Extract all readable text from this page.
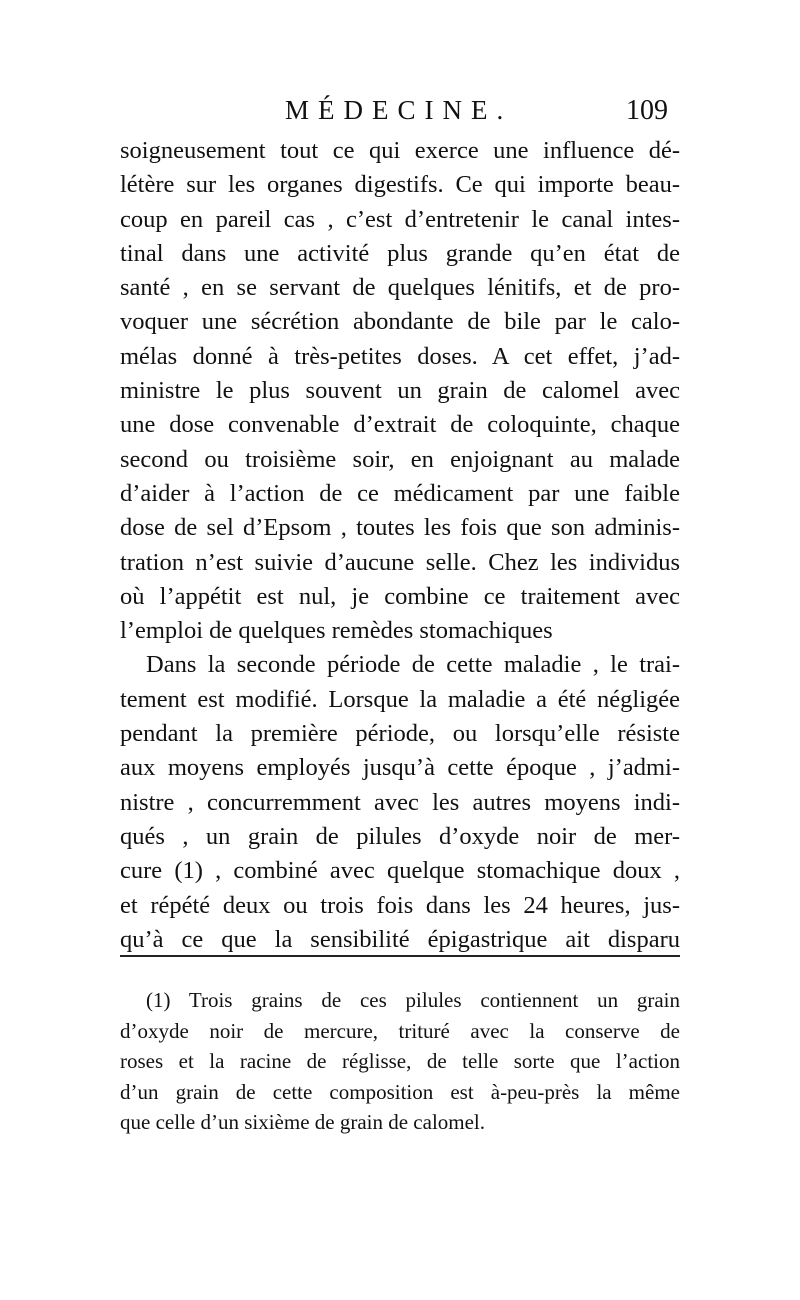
MÉDECINE.	109
soigneusement tout ce qui exerce une influence dé-
létère sur les organes digestifs. Ce qui importe beau-
coup en pareil cas , c’est d’entretenir le canal intes-
tinal dans une activité plus grande qu’en état de
santé , en se servant de quelques lénitifs, et de pro-
voquer une sécrétion abondante de bile par le calo-
mélas donné à très-petites doses. A cet effet, j’ad-
ministre le plus souvent un grain de calomel avec
une dose convenable d’extrait de coloquinte, chaque
second ou troisième soir, en enjoignant au malade
d’aider à l’action de ce médicament par une faible
dose de sel d’Epsom , toutes les fois que son adminis-
tration n’est suivie d’aucune selle. Chez les individus
où l’appétit est nul, je combine ce traitement avec
l’emploi de quelques remèdes stomachiques
Dans la seconde période de cette maladie , le trai-
tement est modifié. Lorsque la maladie a été négligée
pendant la première période, ou lorsqu’elle résiste
aux moyens employés jusqu’à cette époque , j’admi-
nistre , concurremment avec les autres moyens indi-
qués , un grain de pilules d’oxyde noir de mer-
cure (1) , combiné avec quelque stomachique doux ,
et répété deux ou trois fois dans les 24 heures, jus-
qu’à ce que la sensibilité épigastrique ait disparu
(1) Trois grains de ces pilules contiennent un grain
d’oxyde noir de mercure, trituré avec la conserve de
roses et la racine de réglisse, de telle sorte que l’action
d’un grain de cette composition est à-peu-près la même
que celle d’un sixième de grain de calomel.
